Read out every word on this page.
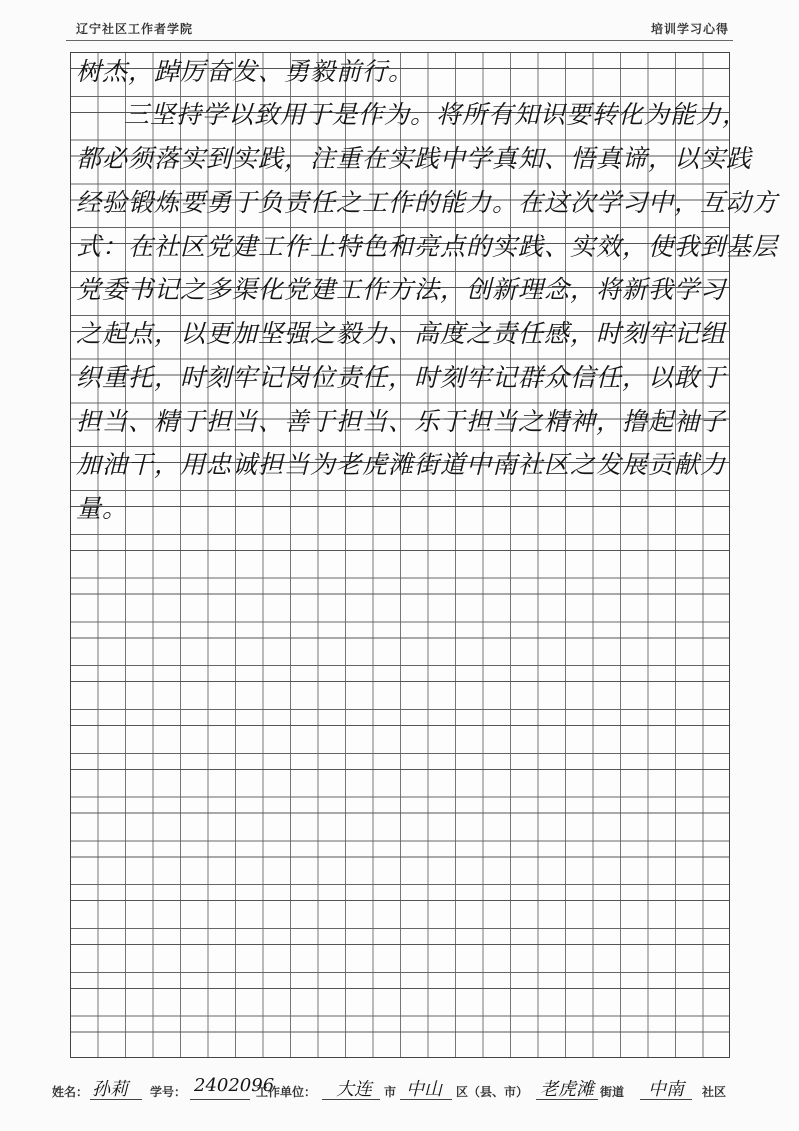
辽宁社区工作者学院	培训学习心得
树杰，踔厉奋发、勇毅前行。
三坚持学以致用于是作为。将所有知识要转化为能力，
都必须落实到实践，注重在实践中学真知、悟真谛，以实践
经验锻炼要勇于负责任之工作的能力。在这次学习中，互动方
式：在社区党建工作上特色和亮点的实践、实效，使我到基层
党委书记之多渠化党建工作方法，创新理念，将新我学习
之起点，以更加坚强之毅力、高度之责任感，时刻牢记组
织重托，时刻牢记岗位责任，时刻牢记群众信任，以敢于
担当、精于担当、善于担当、乐于担当之精神，撸起袖子
加油干，用忠诚担当为老虎滩街道中南社区之发展贡献力
量。
姓名： 孙莉 学号： 2402096
工作单位： 大连 市 中山 区（县、市） 老虎滩 街道 中南 社区
